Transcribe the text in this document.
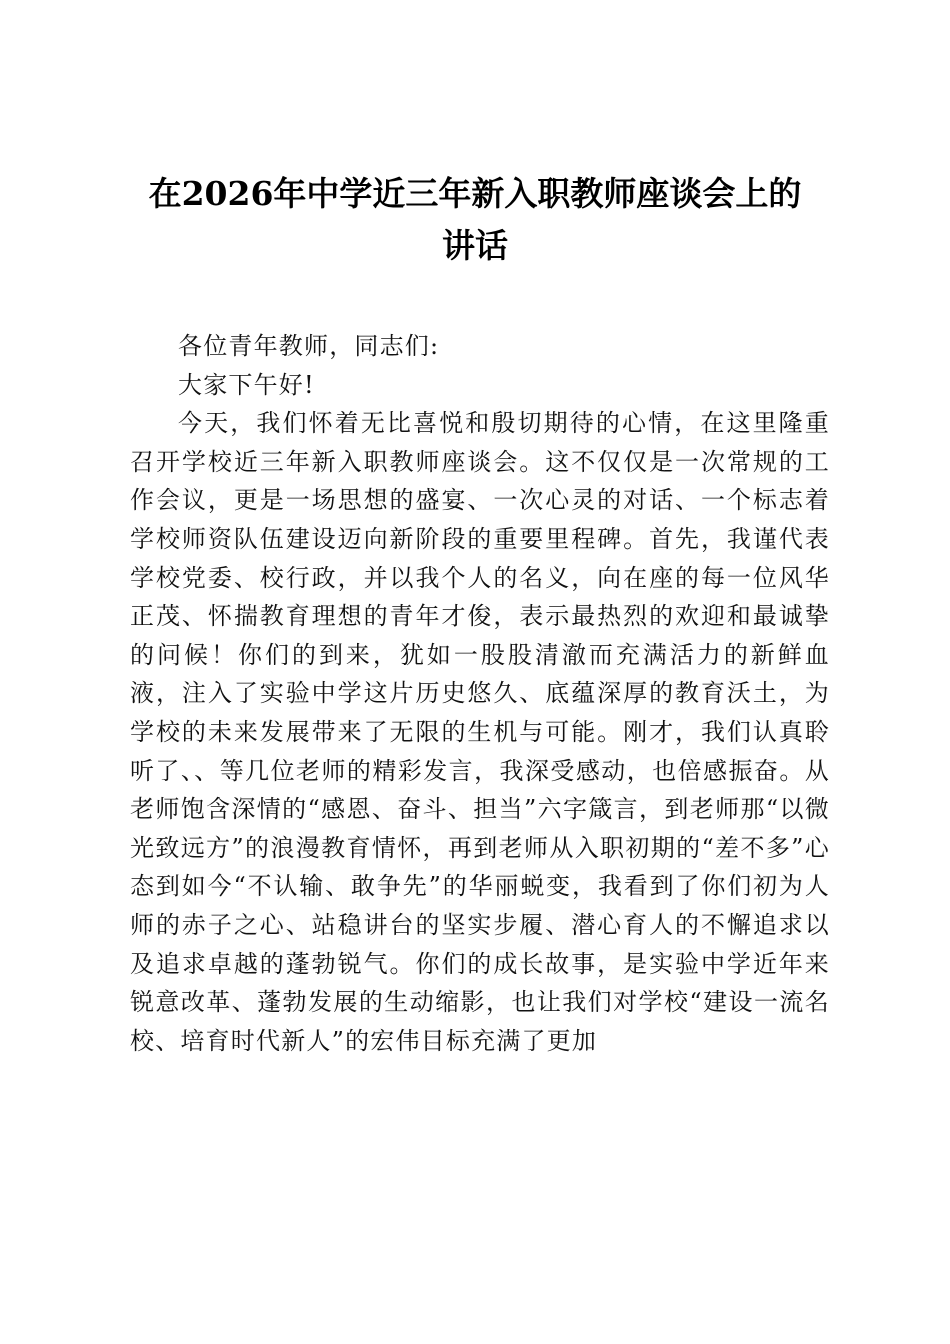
在2026年中学近三年新入职教师座谈会上的
讲话

各位青年教师，同志们:

大家下午好!

今天，我们怀着无比喜悦和殷切期待的心情，在这里隆重召开学校近三年新入职教师座谈会。这不仅仅是一次常规的工作会议，更是一场思想的盛宴、一次心灵的对话、一个标志着学校师资队伍建设迈向新阶段的重要里程碑。首先，我谨代表学校党委、校行政，并以我个人的名义，向在座的每一位风华正茂、怀揣教育理想的青年才俊，表示最热烈的欢迎和最诚挚的问候！你们的到来，犹如一股股清澈而充满活力的新鲜血液，注入了实验中学这片历史悠久、底蕴深厚的教育沃土，为学校的未来发展带来了无限的生机与可能。刚才，我们认真聆听了、、等几位老师的精彩发言，我深受感动，也倍感振奋。从老师饱含深情的“感恩、奋斗、担当”六字箴言，到老师那“以微光致远方”的浪漫教育情怀，再到老师从入职初期的“差不多”心态到如今“不认输、敢争先”的华丽蜕变，我看到了你们初为人师的赤子之心、站稳讲台的坚实步履、潜心育人的不懈追求以及追求卓越的蓬勃锐气。你们的成长故事，是实验中学近年来锐意改革、蓬勃发展的生动缩影，也让我们对学校“建设一流名校、培育时代新人”的宏伟目标充满了更加
